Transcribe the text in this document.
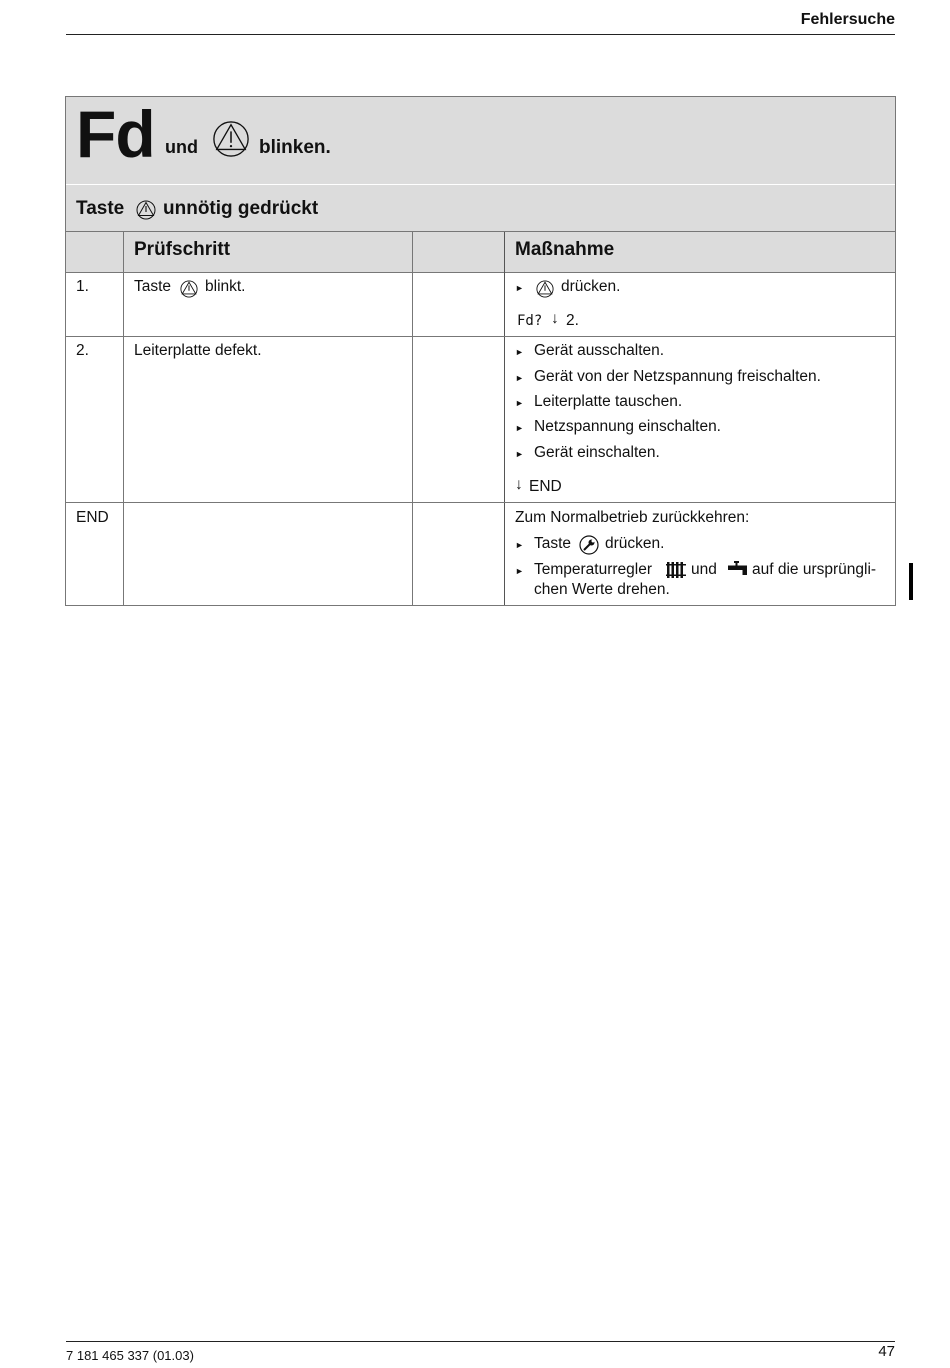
Fehlersuche
Fd und	blinken.
Taste unnötig gedrückt
Prüfschritt	Maßnahme
1.	Taste blinkt.	► drücken.
Fd? ↓ 2.
2.	Leiterplatte defekt.	► Gerät ausschalten.
► Gerät von der Netzspannung freischalten.
► Leiterplatte tauschen.
► Netzspannung einschalten.
► Gerät einschalten.
↓ END
END	Zum Normalbetrieb zurückkehren:
► Taste drücken.
► Temperaturregler	und auf die ursprüngli-
chen Werte drehen.
7 181 465 337 (01.03)	47
